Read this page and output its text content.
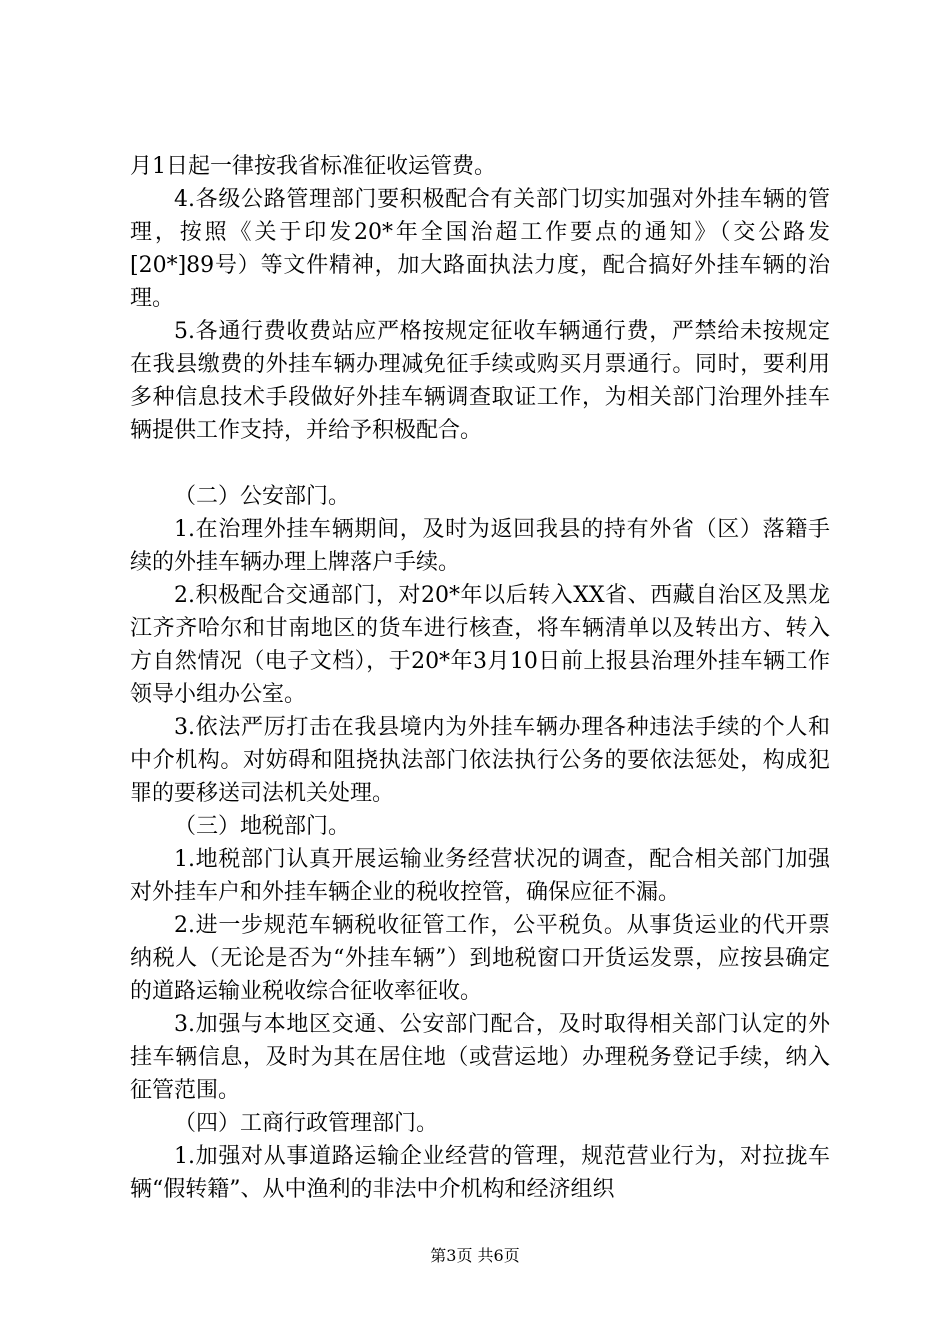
月1日起一律按我省标准征收运管费。

4.各级公路管理部门要积极配合有关部门切实加强对外挂车辆的管理，按照《关于印发20*年全国治超工作要点的通知》（交公路发[20*]89号）等文件精神，加大路面执法力度，配合搞好外挂车辆的治理。

5.各通行费收费站应严格按规定征收车辆通行费，严禁给未按规定在我县缴费的外挂车辆办理减免征手续或购买月票通行。同时，要利用多种信息技术手段做好外挂车辆调查取证工作，为相关部门治理外挂车辆提供工作支持，并给予积极配合。

（二）公安部门。

1.在治理外挂车辆期间，及时为返回我县的持有外省（区）落籍手续的外挂车辆办理上牌落户手续。

2.积极配合交通部门，对20*年以后转入XX省、西藏自治区及黑龙江齐齐哈尔和甘南地区的货车进行核查，将车辆清单以及转出方、转入方自然情况（电子文档），于20*年3月10日前上报县治理外挂车辆工作领导小组办公室。

3.依法严厉打击在我县境内为外挂车辆办理各种违法手续的个人和中介机构。对妨碍和阻挠执法部门依法执行公务的要依法惩处，构成犯罪的要移送司法机关处理。

（三）地税部门。

1.地税部门认真开展运输业务经营状况的调查，配合相关部门加强对外挂车户和外挂车辆企业的税收控管，确保应征不漏。

2.进一步规范车辆税收征管工作，公平税负。从事货运业的代开票纳税人（无论是否为“外挂车辆”）到地税窗口开货运发票，应按县确定的道路运输业税收综合征收率征收。

3.加强与本地区交通、公安部门配合，及时取得相关部门认定的外挂车辆信息，及时为其在居住地（或营运地）办理税务登记手续，纳入征管范围。

（四）工商行政管理部门。

1.加强对从事道路运输企业经营的管理，规范营业行为，对拉拢车辆“假转籍”、从中渔利的非法中介机构和经济组织

第3页 共6页
